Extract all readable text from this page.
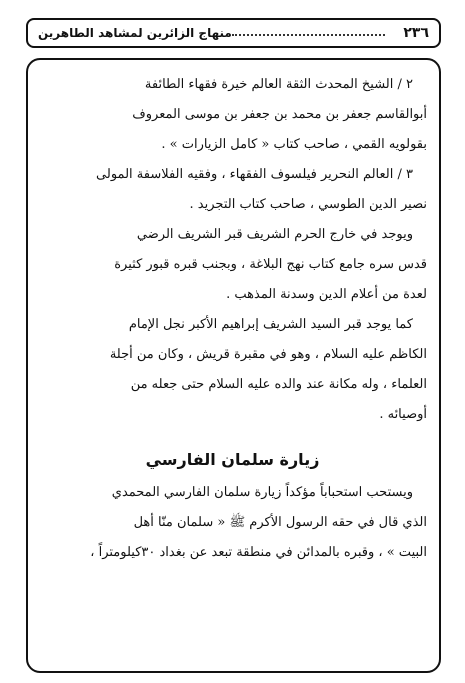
٢٣٦
منهاج الزائرين لمشاهد الطاهرين

٢ / الشيخ المحدث الثقة العالم خيرة فقهاء الطائفة
أبوالقاسم جعفر بن محمد بن جعفر بن موسى المعروف
بقولويه القمي ، صاحب كتاب « كامل الزيارات » .

٣ / العالم النحرير فيلسوف الفقهاء ، وفقيه الفلاسفة المولى
نصير الدين الطوسي ، صاحب كتاب التجريد .

ويوجد في خارج الحرم الشريف قبر الشريف الرضي
قدس سره جامع كتاب نهج البلاغة ، وبجنب قبره قبور كثيرة
لعدة من أعلام الدين وسدنة المذهب .

كما يوجد قبر السيد الشريف إبراهيم الأكبر نجل الإمام
الكاظم عليه السلام ، وهو في مقبرة قريش ، وكان من أجلة
العلماء ، وله مكانة عند والده عليه السلام حتى جعله من
أوصيائه .

زيارة سلمان الفارسي

ويستحب استحباباً مؤكداً زيارة سلمان الفارسي المحمدي
الذي قال في حقه الرسول الأكرم ﷺ « سلمان منّا أهل
البيت » ، وقبره بالمدائن في منطقة تبعد عن بغداد ٣٠كيلومتراً ،
